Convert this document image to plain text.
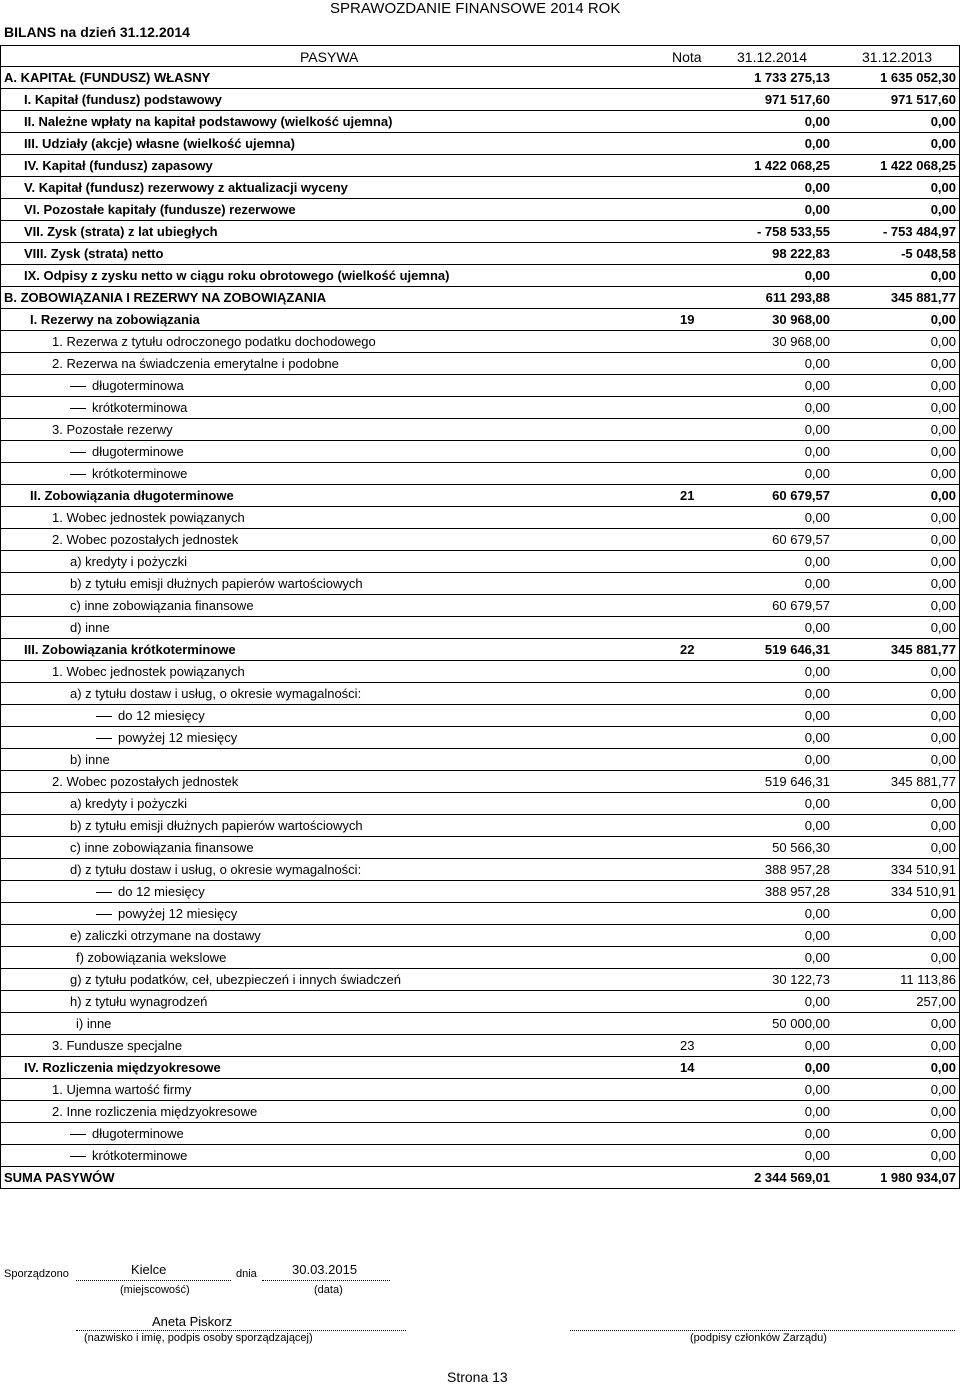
SPRAWOZDANIE FINANSOWE 2014 ROK
BILANS na dzień 31.12.2014
PASYWA	Nota	31.12.2014	31.12.2013
A. KAPITAŁ (FUNDUSZ) WŁASNY	1 733 275,13	1 635 052,30
I. Kapitał (fundusz) podstawowy	971 517,60	971 517,60
II. Należne wpłaty na kapitał podstawowy (wielkość ujemna)	0,00	0,00
III. Udziały (akcje) własne (wielkość ujemna)	0,00	0,00
IV. Kapitał (fundusz) zapasowy	1 422 068,25	1 422 068,25
V. Kapitał (fundusz) rezerwowy z aktualizacji wyceny	0,00	0,00
VI. Pozostałe kapitały (fundusze) rezerwowe	0,00	0,00
VII. Zysk (strata) z lat ubiegłych	- 758 533,55	- 753 484,97
VIII. Zysk (strata) netto	98 222,83	-5 048,58
IX. Odpisy z zysku netto w ciągu roku obrotowego (wielkość ujemna)	0,00	0,00
B. ZOBOWIĄZANIA I REZERWY NA ZOBOWIĄZANIA	611 293,88	345 881,77
I. Rezerwy na zobowiązania	19	30 968,00	0,00
1. Rezerwa z tytułu odroczonego podatku dochodowego	30 968,00	0,00
2. Rezerwa na świadczenia emerytalne i podobne	0,00	0,00
długoterminowa	0,00	0,00
krótkoterminowa	0,00	0,00
3. Pozostałe rezerwy	0,00	0,00
długoterminowe	0,00	0,00
krótkoterminowe	0,00	0,00
II. Zobowiązania długoterminowe	21	60 679,57	0,00
1. Wobec jednostek powiązanych	0,00	0,00
2. Wobec pozostałych jednostek	60 679,57	0,00
a) kredyty i pożyczki	0,00	0,00
b) z tytułu emisji dłużnych papierów wartościowych	0,00	0,00
c) inne zobowiązania finansowe	60 679,57	0,00
d) inne	0,00	0,00
III. Zobowiązania krótkoterminowe	22	519 646,31	345 881,77
1. Wobec jednostek powiązanych	0,00	0,00
a) z tytułu dostaw i usług, o okresie wymagalności:	0,00	0,00
do 12 miesięcy	0,00	0,00
powyżej 12 miesięcy	0,00	0,00
b) inne	0,00	0,00
2. Wobec pozostałych jednostek	519 646,31	345 881,77
a) kredyty i pożyczki	0,00	0,00
b) z tytułu emisji dłużnych papierów wartościowych	0,00	0,00
c) inne zobowiązania finansowe	50 566,30	0,00
d) z tytułu dostaw i usług, o okresie wymagalności:	388 957,28	334 510,91
do 12 miesięcy	388 957,28	334 510,91
powyżej 12 miesięcy	0,00	0,00
e) zaliczki otrzymane na dostawy	0,00	0,00
f) zobowiązania wekslowe	0,00	0,00
g) z tytułu podatków, ceł, ubezpieczeń i innych świadczeń	30 122,73	11 113,86
h) z tytułu wynagrodzeń	0,00	257,00
i) inne	50 000,00	0,00
3. Fundusze specjalne	23	0,00	0,00
IV. Rozliczenia międzyokresowe	14	0,00	0,00
1. Ujemna wartość firmy	0,00	0,00
2. Inne rozliczenia międzyokresowe	0,00	0,00
długoterminowe	0,00	0,00
krótkoterminowe	0,00	0,00
SUMA PASYWÓW	2 344 569,01	1 980 934,07
Sporządzono	Kielce	dnia	30.03.2015
(miejscowość)	(data)
Aneta Piskorz
(nazwisko i imię, podpis osoby sporządzającej)	(podpisy członków Zarządu)
Strona 13
